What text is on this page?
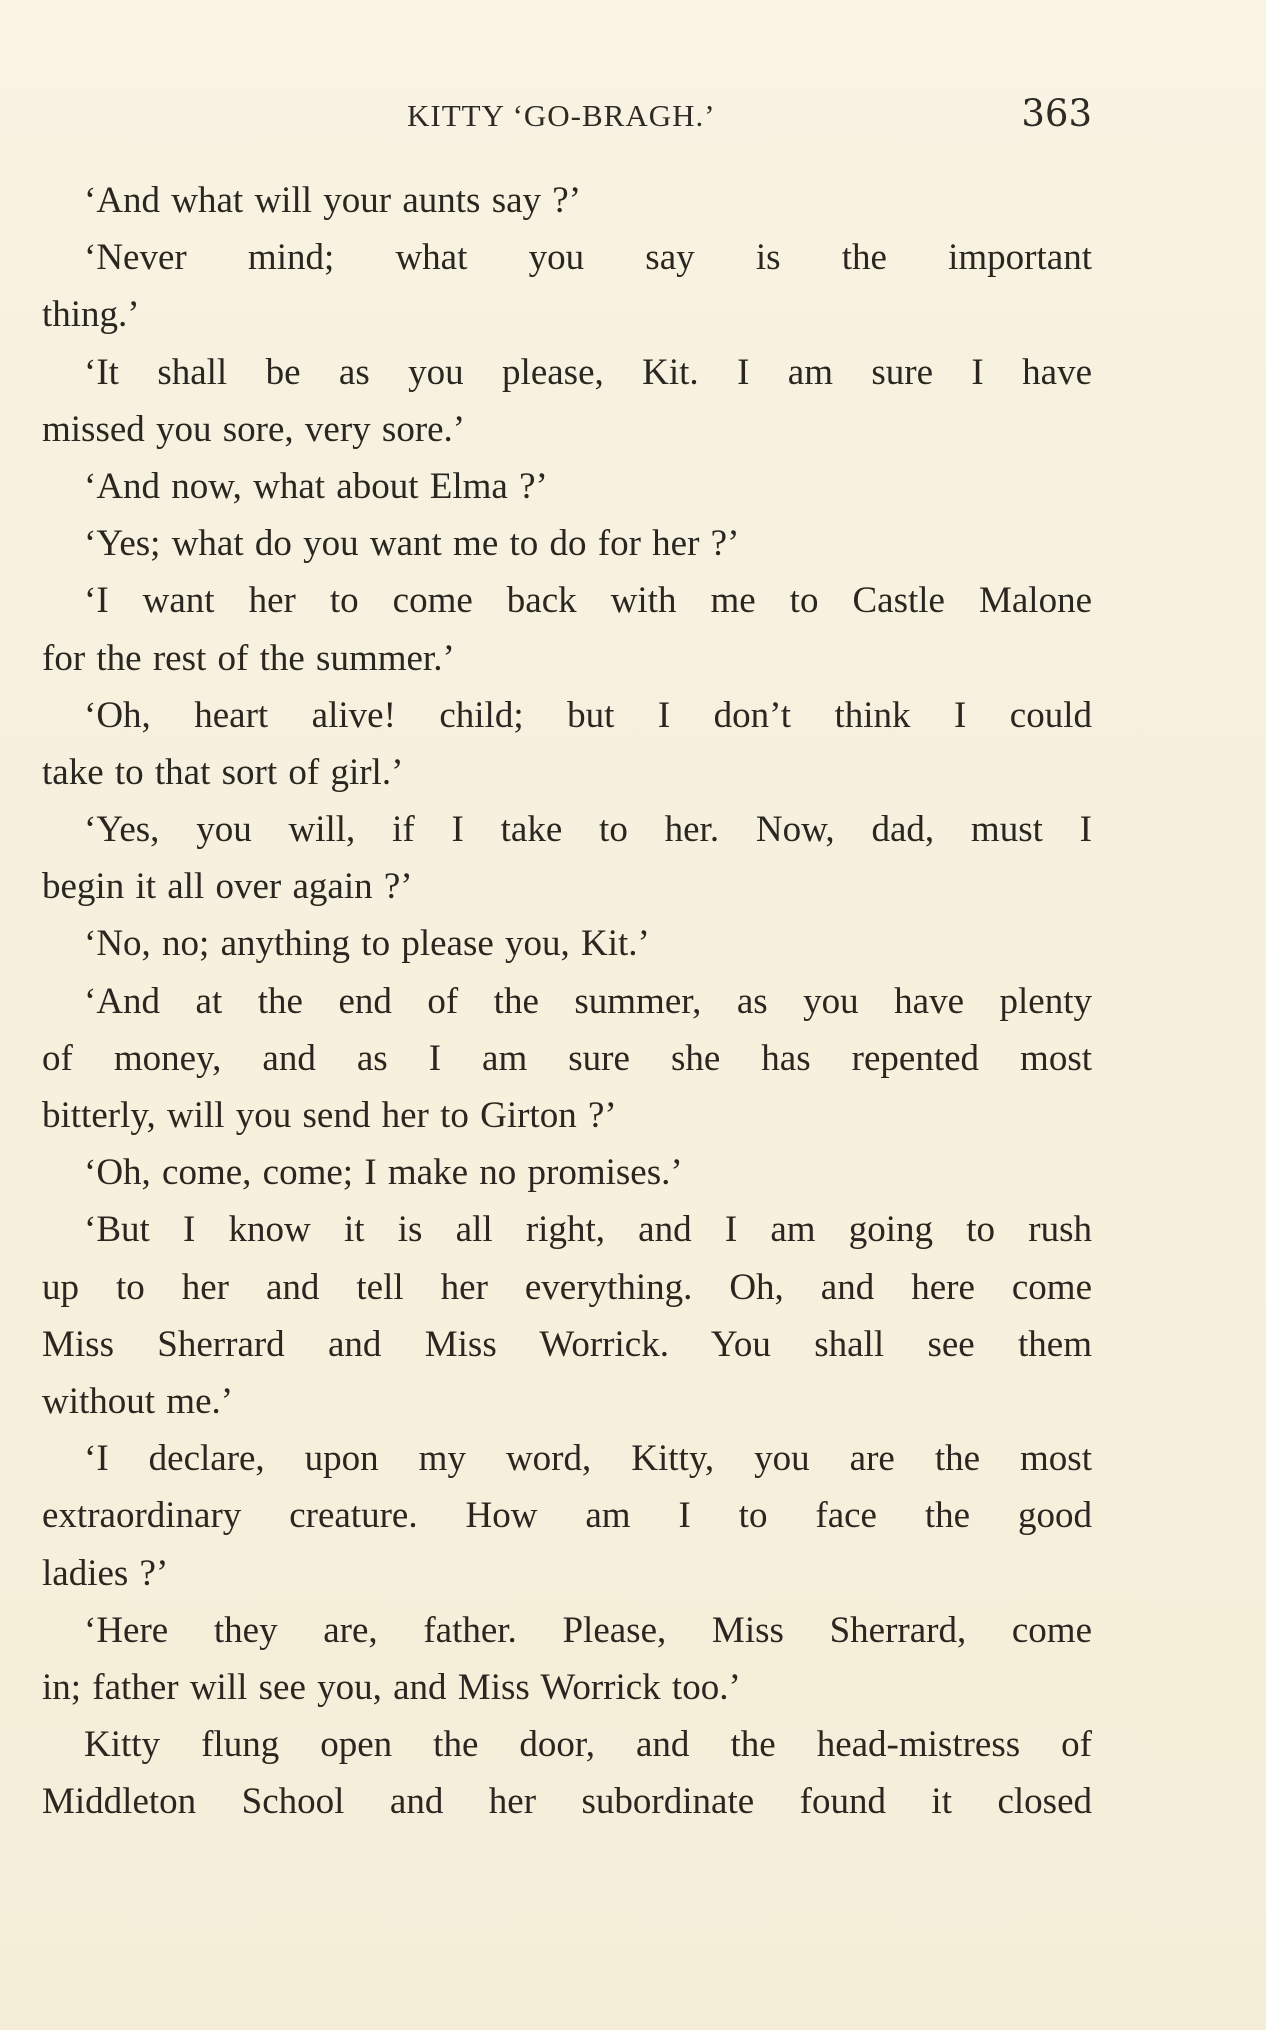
KITTY ‘GO-BRAGH.’	363
‘And what will your aunts say ?’
‘Never mind; what you say is the important
thing.’
‘It shall be as you please, Kit. I am sure I have
missed you sore, very sore.’
‘And now, what about Elma ?’
‘Yes; what do you want me to do for her ?’
‘I want her to come back with me to Castle Malone
for the rest of the summer.’
‘Oh, heart alive! child; but I don’t think I could
take to that sort of girl.’
‘Yes, you will, if I take to her. Now, dad, must I
begin it all over again ?’
‘No, no; anything to please you, Kit.’
‘And at the end of the summer, as you have plenty
of money, and as I am sure she has repented most
bitterly, will you send her to Girton ?’
‘Oh, come, come; I make no promises.’
‘But I know it is all right, and I am going to rush
up to her and tell her everything. Oh, and here come
Miss Sherrard and Miss Worrick. You shall see them
without me.’
‘I declare, upon my word, Kitty, you are the most
extraordinary creature. How am I to face the good
ladies ?’
‘Here they are, father. Please, Miss Sherrard, come
in; father will see you, and Miss Worrick too.’
Kitty flung open the door, and the head-mistress of
Middleton School and her subordinate found it closed
